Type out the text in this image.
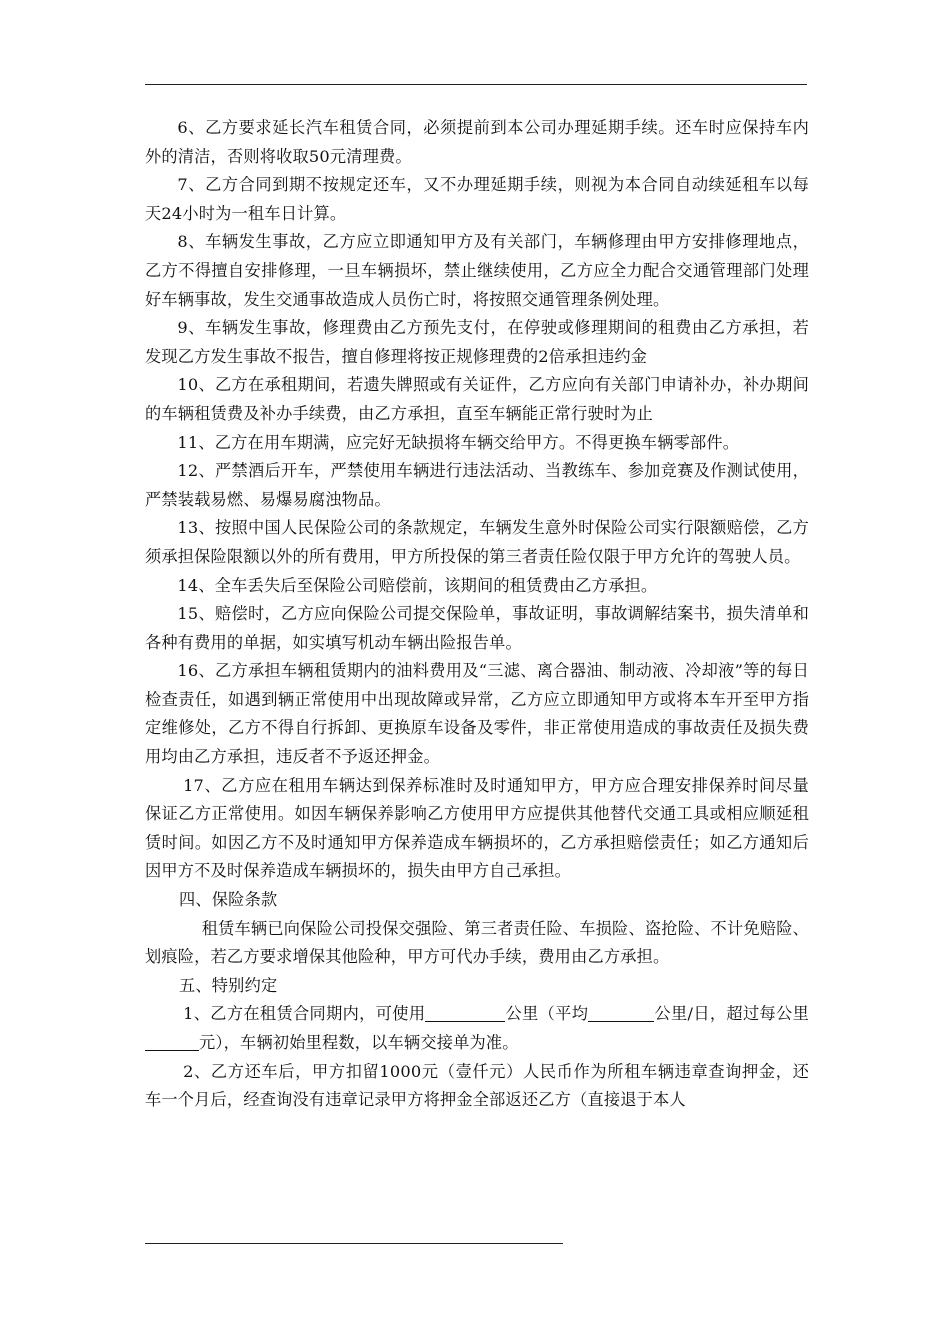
6、乙方要求延长汽车租赁合同，必须提前到本公司办理延期手续。还车时应保持车内外的清洁，否则将收取50元清理费。

7、乙方合同到期不按规定还车，又不办理延期手续，则视为本合同自动续延租车以每天24小时为一租车日计算。

8、车辆发生事故，乙方应立即通知甲方及有关部门，车辆修理由甲方安排修理地点，乙方不得擅自安排修理，一旦车辆损坏，禁止继续使用，乙方应全力配合交通管理部门处理好车辆事故，发生交通事故造成人员伤亡时，将按照交通管理条例处理。

9、车辆发生事故，修理费由乙方预先支付，在停驶或修理期间的租费由乙方承担，若发现乙方发生事故不报告，擅自修理将按正规修理费的2倍承担违约金

10、乙方在承租期间，若遗失牌照或有关证件，乙方应向有关部门申请补办，补办期间的车辆租赁费及补办手续费，由乙方承担，直至车辆能正常行驶时为止

11、乙方在用车期满，应完好无缺损将车辆交给甲方。不得更换车辆零部件。

12、严禁酒后开车，严禁使用车辆进行违法活动、当教练车、参加竞赛及作测试使用，严禁装载易燃、易爆易腐浊物品。

13、按照中国人民保险公司的条款规定，车辆发生意外时保险公司实行限额赔偿，乙方须承担保险限额以外的所有费用，甲方所投保的第三者责任险仅限于甲方允许的驾驶人员。

14、全车丢失后至保险公司赔偿前，该期间的租赁费由乙方承担。

15、赔偿时，乙方应向保险公司提交保险单，事故证明，事故调解结案书，损失清单和各种有费用的单据，如实填写机动车辆出险报告单。

16、乙方承担车辆租赁期内的油料费用及“三滤、离合器油、制动液、冷却液”等的每日检查责任，如遇到辆正常使用中出现故障或异常，乙方应立即通知甲方或将本车开至甲方指定维修处，乙方不得自行拆卸、更换原车设备及零件，非正常使用造成的事故责任及损失费用均由乙方承担，违反者不予返还押金。

17、乙方应在租用车辆达到保养标准时及时通知甲方，甲方应合理安排保养时间尽量保证乙方正常使用。如因车辆保养影响乙方使用甲方应提供其他替代交通工具或相应顺延租赁时间。如因乙方不及时通知甲方保养造成车辆损坏的，乙方承担赔偿责任；如乙方通知后因甲方不及时保养造成车辆损坏的，损失由甲方自己承担。

四、保险条款

租赁车辆已向保险公司投保交强险、第三者责任险、车损险、盗抢险、不计免赔险、划痕险，若乙方要求增保其他险种，甲方可代办手续，费用由乙方承担。

五、特别约定

1、乙方在租赁合同期内，可使用	公里（平均	公里/日，超过每公里元），车辆初始里程数，以车辆交接单为准。

2、乙方还车后，甲方扣留1000元（壹仟元）人民币作为所租车辆违章查询押金，还车一个月后，经查询没有违章记录甲方将押金全部返还乙方（直接退于本人
